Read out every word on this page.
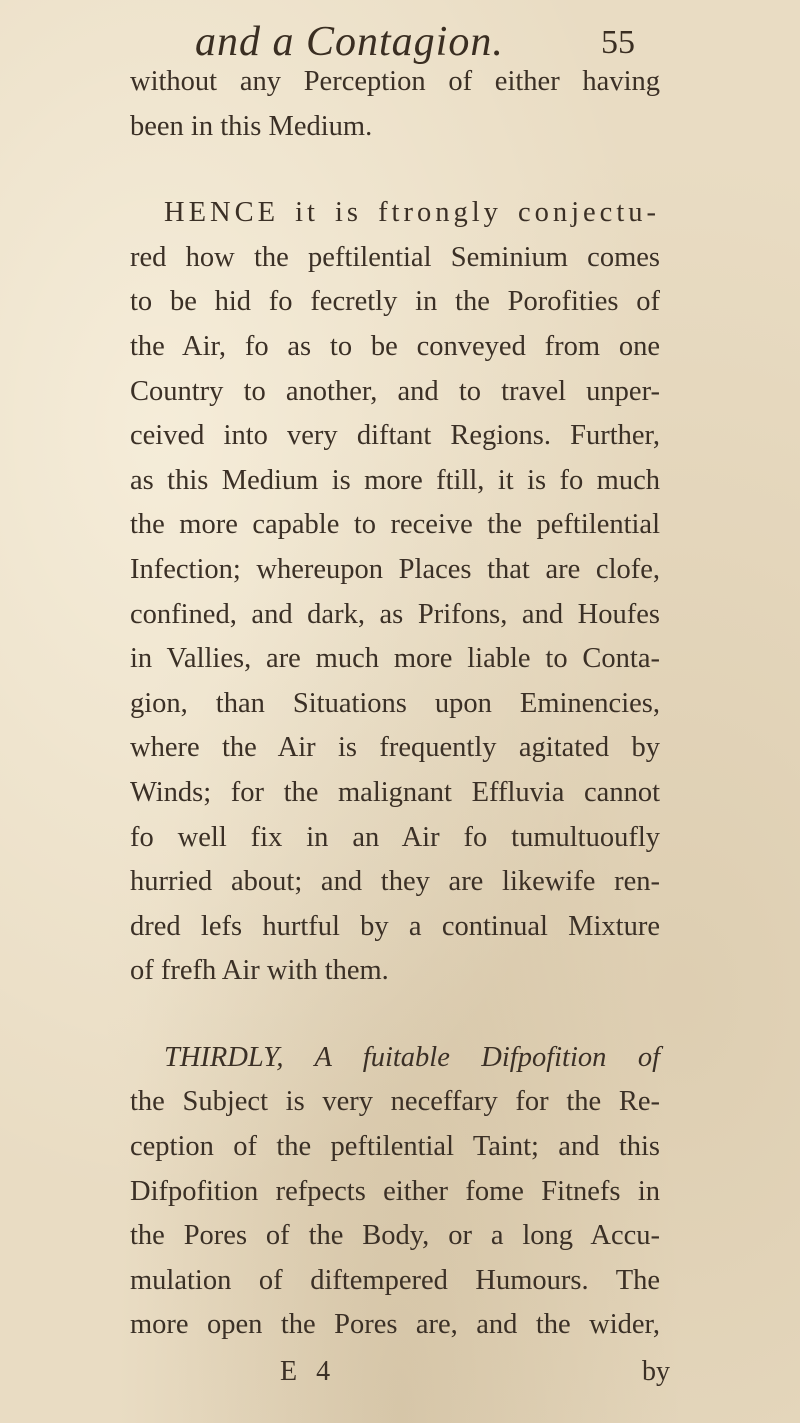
and a Contagion.	55
without any Perception of either having
been in this Medium.
HENCE it is ftrongly conjectu-
red how the peftilential Seminium comes
to be hid fo fecretly in the Porofities of
the Air, fo as to be conveyed from one
Country to another, and to travel unper-
ceived into very diftant Regions. Further,
as this Medium is more ftill, it is fo much
the more capable to receive the peftilential
Infection; whereupon Places that are clofe,
confined, and dark, as Prifons, and Houfes
in Vallies, are much more liable to Conta-
gion, than Situations upon Eminencies,
where the Air is frequently agitated by
Winds; for the malignant Effluvia cannot
fo well fix in an Air fo tumultuoufly
hurried about; and they are likewife ren-
dred lefs hurtful by a continual Mixture
of frefh Air with them.
THIRDLY, A fuitable Difpofition of
the Subject is very neceffary for the Re-
ception of the peftilential Taint; and this
Difpofition refpects either fome Fitnefs in
the Pores of the Body, or a long Accu-
mulation of diftempered Humours. The
more open the Pores are, and the wider,
E 4	by
